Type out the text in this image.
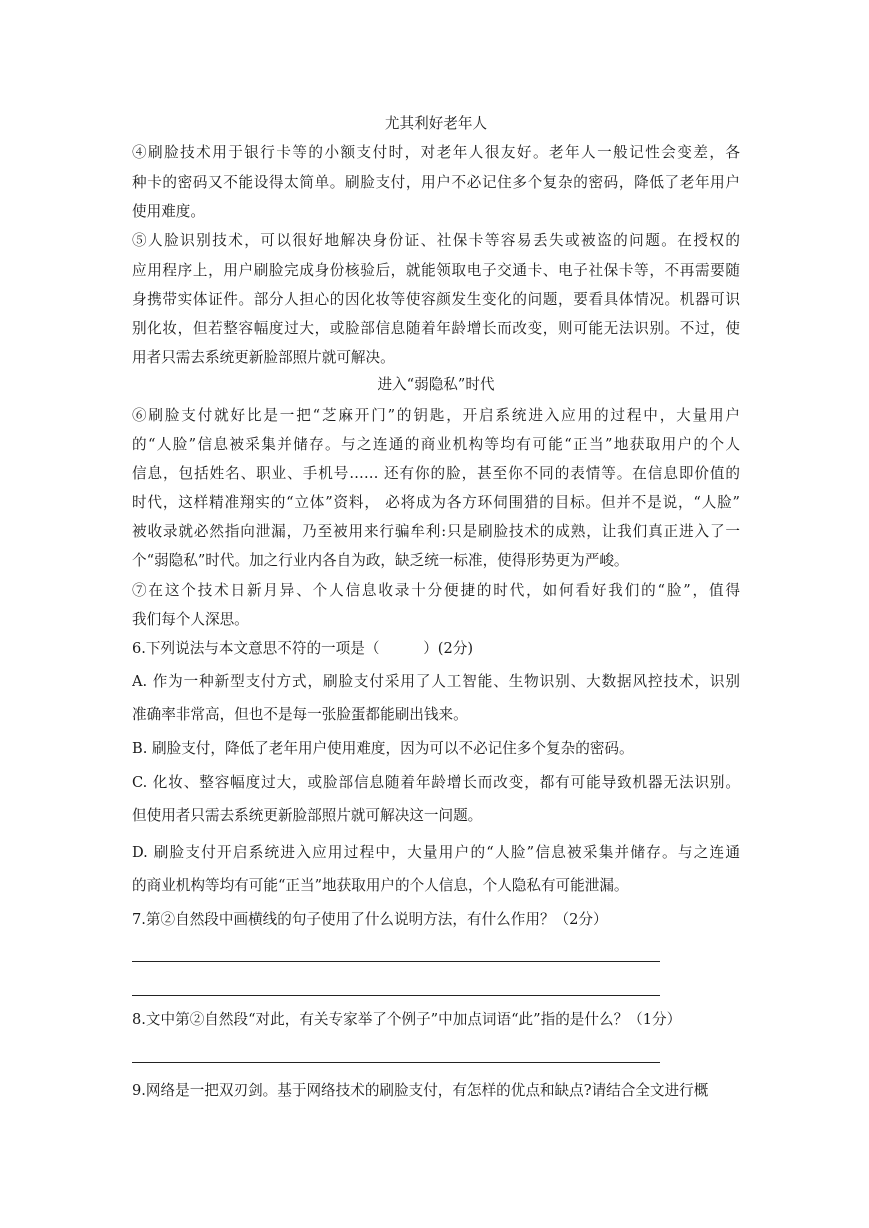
尤其利好老年人
④刷脸技术用于银行卡等的小额支付时，对老年人很友好。老年人一般记性会变差，各
种卡的密码又不能设得太简单。刷脸支付，用户不必记住多个复杂的密码，降低了老年用户
使用难度。
⑤人脸识别技术，可以很好地解决身份证、社保卡等容易丢失或被盗的问题。在授权的
应用程序上，用户刷脸完成身份核验后，就能领取电子交通卡、电子社保卡等，不再需要随
身携带实体证件。部分人担心的因化妆等使容颜发生变化的问题，要看具体情况。机器可识
别化妆，但若整容幅度过大，或脸部信息随着年龄增长而改变，则可能无法识别。不过，使
用者只需去系统更新脸部照片就可解决。
进入“弱隐私”时代
⑥刷脸支付就好比是一把“芝麻开门”的钥匙，开启系统进入应用的过程中，大量用户
的“人脸”信息被采集并储存。与之连通的商业机构等均有可能“正当”地获取用户的个人
信息，包括姓名、职业、手机号…… 还有你的脸，甚至你不同的表情等。在信息即价值的
时代，这样精准翔实的“立体”资料， 必将成为各方环伺围猎的目标。但并不是说，“人脸”
被收录就必然指向泄漏，乃至被用来行骗牟利:只是刷脸技术的成熟，让我们真正进入了一
个“弱隐私”时代。加之行业内各自为政，缺乏统一标准，使得形势更为严峻。
⑦在这个技术日新月异、个人信息收录十分便捷的时代，如何看好我们的“脸”，值得
我们每个人深思。
6.下列说法与本文意思不符的一项是（　　　）(2分)
A. 作为一种新型支付方式，刷脸支付采用了人工智能、生物识别、大数据风控技术，识别
准确率非常高，但也不是每一张脸蛋都能刷出钱来。
B. 刷脸支付，降低了老年用户使用难度，因为可以不必记住多个复杂的密码。
C. 化妆、整容幅度过大，或脸部信息随着年龄增长而改变，都有可能导致机器无法识别。
但使用者只需去系统更新脸部照片就可解决这一问题。
D. 刷脸支付开启系统进入应用过程中，大量用户的“人脸”信息被采集并储存。与之连通
的商业机构等均有可能“正当”地获取用户的个人信息，个人隐私有可能泄漏。
7.第②自然段中画横线的句子使用了什么说明方法，有什么作用？（2分）
8.文中第②自然段“对此，有关专家举了个例子”中加点词语“此”指的是什么？（1分）
9.网络是一把双刃剑。基于网络技术的刷脸支付，有怎样的优点和缺点?请结合全文进行概
